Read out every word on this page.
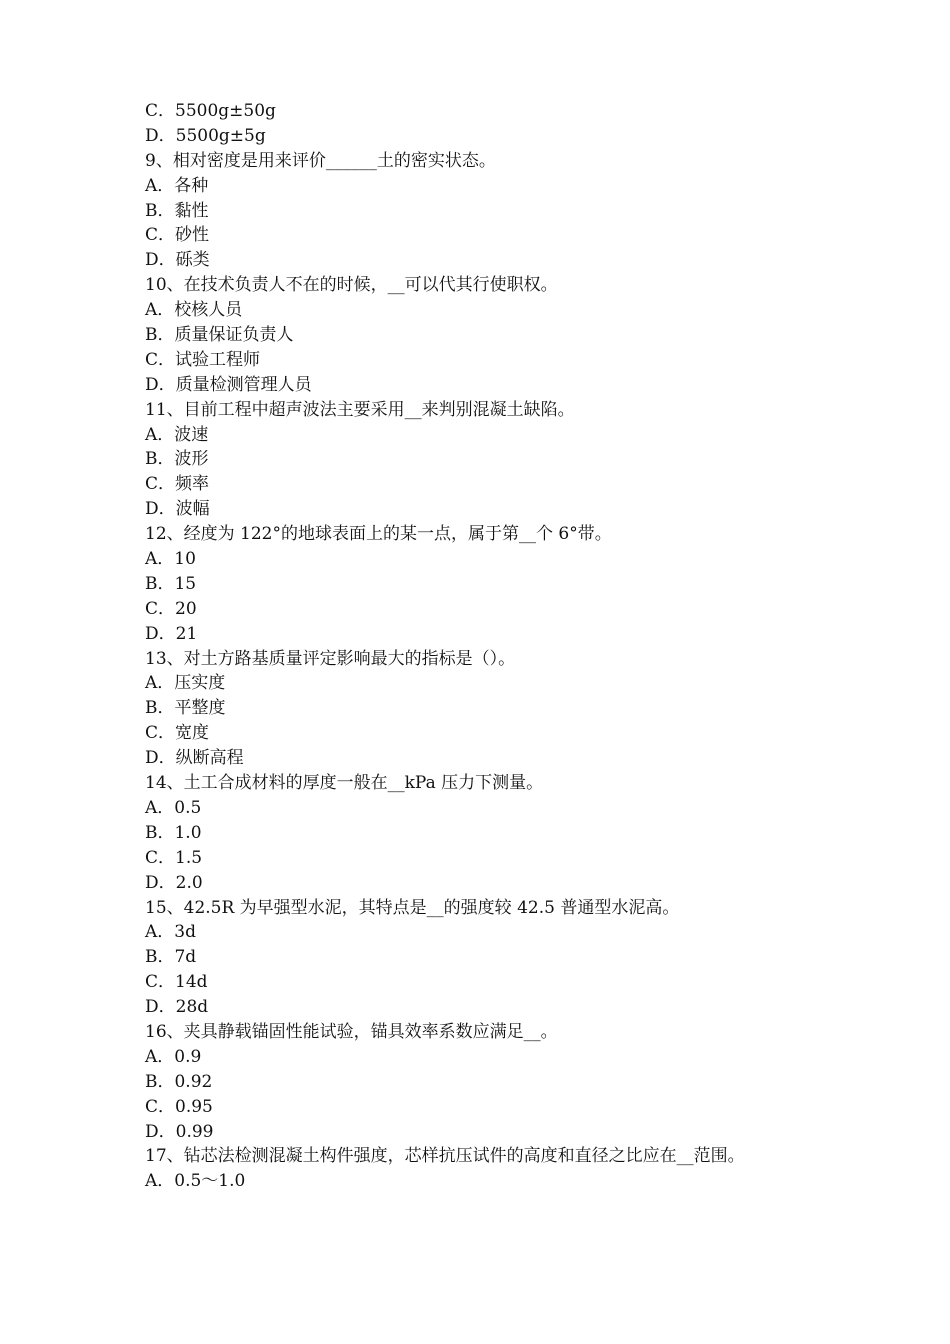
C．5500g±50g
D．5500g±5g
9、相对密度是用来评价______土的密实状态。
A．各种
B．黏性
C．砂性
D．砾类
10、在技术负责人不在的时候，__可以代其行使职权。
A．校核人员
B．质量保证负责人
C．试验工程师
D．质量检测管理人员
11、目前工程中超声波法主要采用__来判别混凝土缺陷。
A．波速
B．波形
C．频率
D．波幅
12、经度为 122°的地球表面上的某一点，属于第__个 6°带。
A．10
B．15
C．20
D．21
13、对土方路基质量评定影响最大的指标是（）。
A．压实度
B．平整度
C．宽度
D．纵断高程
14、土工合成材料的厚度一般在__kPa 压力下测量。
A．0.5
B．1.0
C．1.5
D．2.0
15、42.5R 为早强型水泥，其特点是__的强度较 42.5 普通型水泥高。
A．3d
B．7d
C．14d
D．28d
16、夹具静载锚固性能试验，锚具效率系数应满足__。
A．0.9
B．0.92
C．0.95
D．0.99
17、钻芯法检测混凝土构件强度，芯样抗压试件的高度和直径之比应在__范围。
A．0.5～1.0
